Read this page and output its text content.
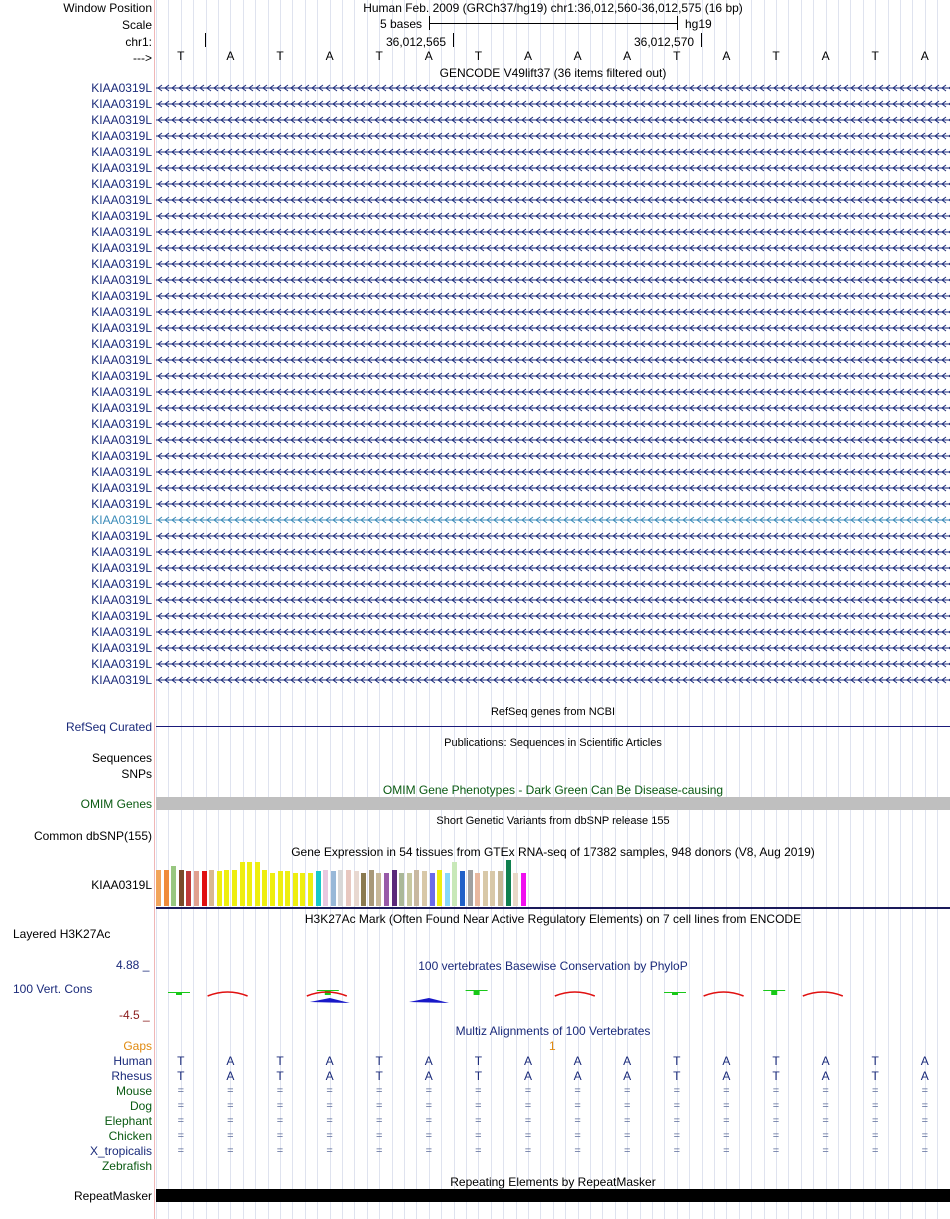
Window Position	Human Feb. 2009 (GRCh37/hg19) chr1:36,012,560-36,012,575 (16 bp)
Scale	5 bases	hg19
chr1:	36,012,565	36,012,570
---> T	A	T	A	T	A	T	A	A	A	T	A	T	A	T	A
GENCODE V49lift37 (36 items filtered out)
KIAA0319L
KIAA0319L
KIAA0319L
KIAA0319L
KIAA0319L
KIAA0319L
KIAA0319L
KIAA0319L
KIAA0319L
KIAA0319L
KIAA0319L
KIAA0319L
KIAA0319L
KIAA0319L
KIAA0319L
KIAA0319L
KIAA0319L
KIAA0319L
KIAA0319L
KIAA0319L
KIAA0319L
KIAA0319L
KIAA0319L
KIAA0319L
KIAA0319L
KIAA0319L
KIAA0319L
KIAA0319L
KIAA0319L
KIAA0319L
KIAA0319L
KIAA0319L
KIAA0319L
KIAA0319L
KIAA0319L
KIAA0319L
KIAA0319L
KIAA0319L
RefSeq genes from NCBI
RefSeq Curated
Publications: Sequences in Scientific Articles
Sequences
SNPs
OMIM Gene Phenotypes - Dark Green Can Be Disease-causing
OMIM Genes
Short Genetic Variants from dbSNP release 155
Common dbSNP(155)
Gene Expression in 54 tissues from GTEx RNA-seq of 17382 samples, 948 donors (V8, Aug 2019)
KIAA0319L
H3K27Ac Mark (Often Found Near Active Regulatory Elements) on 7 cell lines from ENCODE
Layered H3K27Ac
100 vertebrates Basewise Conservation by PhyloP
4.88 _
100 Vert. Cons
-4.5 _
Multiz Alignments of 100 Vertebrates
Gaps	1
Human T	A	T	A	T	A	T	A	A	A	T	A	T	A	T	A
Rhesus T	A	T	A	T	A	T	A	A	A	T	A	T	A	T	A
Mouse	=	=	=	=	=	=	=	=	=	=	=	=	=	=	=	=
Dog	=	=	=	=	=	=	=	=	=	=	=	=	=	=	=	=
Elephant	=	=	=	=	=	=	=	=	=	=	=	=	=	=	=	=
Chicken	=	=	=	=	=	=	=	=	=	=	=	=	=	=	=	=
X_tropicalis	=	=	=	=	=	=	=	=	=	=	=	=	=	=	=	=
Zebrafish
Repeating Elements by RepeatMasker
RepeatMasker
